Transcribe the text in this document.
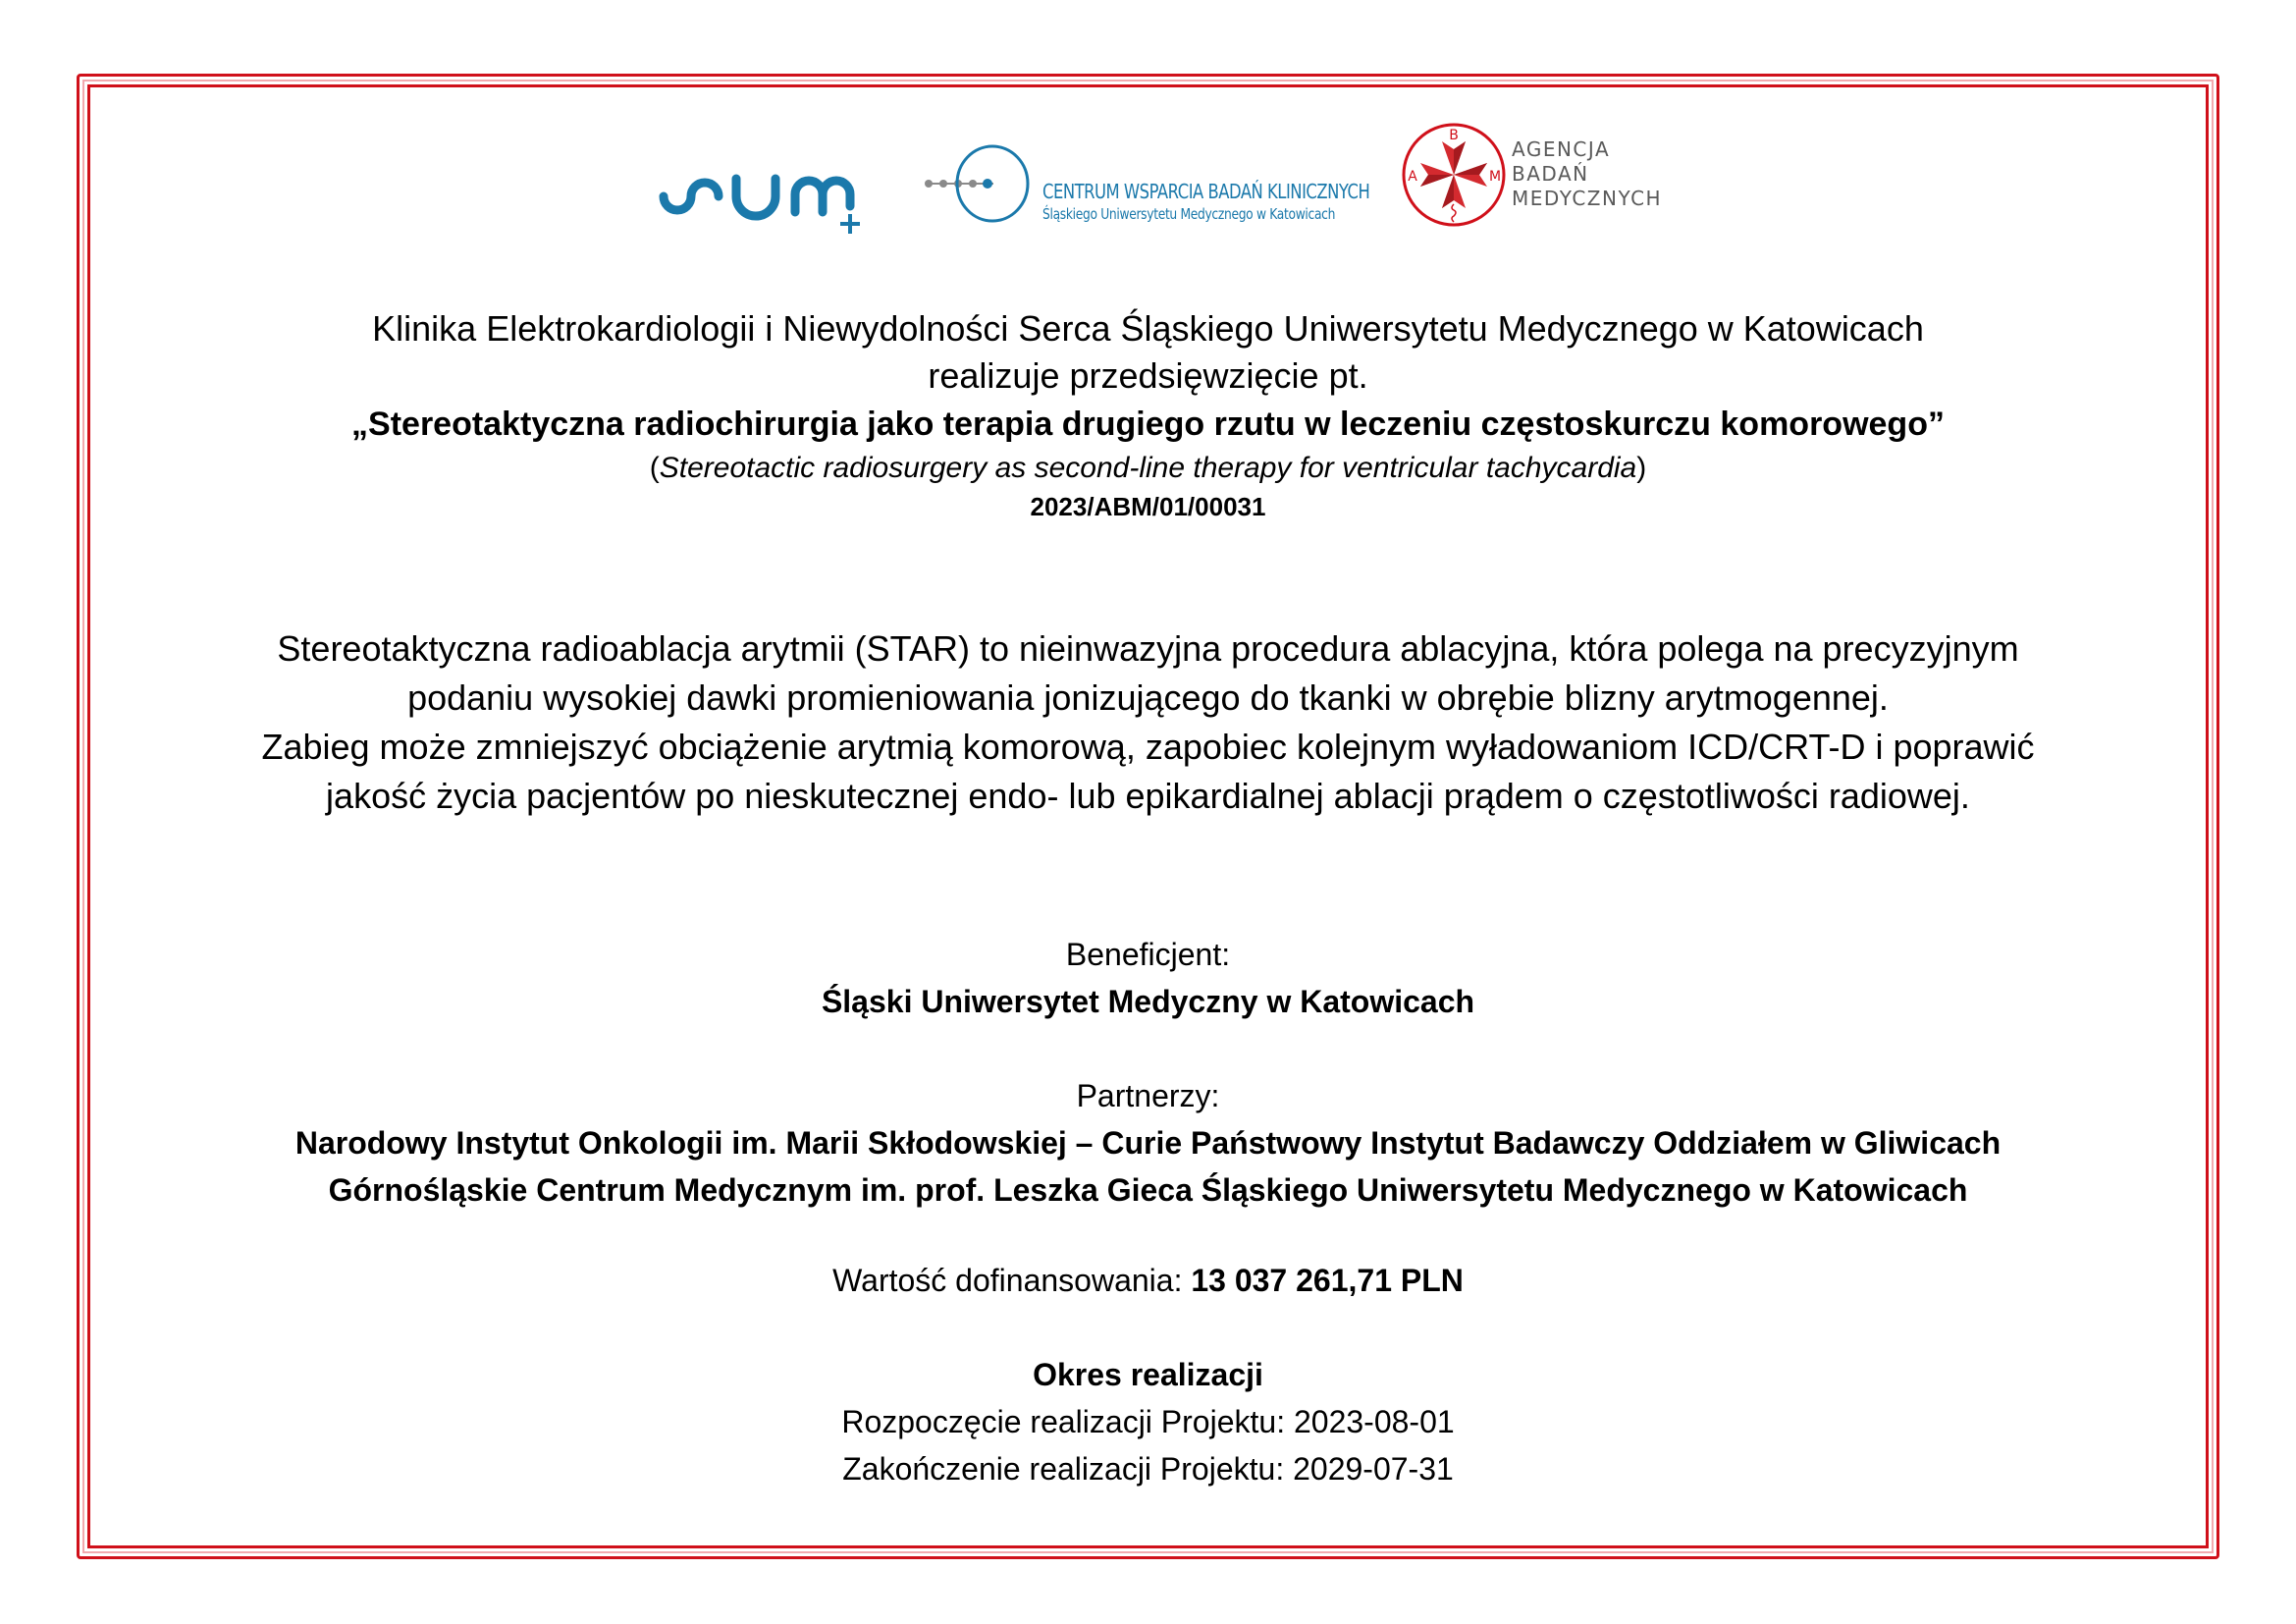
CENTRUM WSPARCIA BADAŃ KLINICZNYCH
Śląskiego Uniwersytetu Medycznego w Katowicach
B
A	M
AGENCJA
BADAŃ
MEDYCZNYCH
Klinika Elektrokardiologii i Niewydolności Serca Śląskiego Uniwersytetu Medycznego w Katowicach
realizuje przedsięwzięcie pt.
„Stereotaktyczna radiochirurgia jako terapia drugiego rzutu w leczeniu częstoskurczu komorowego”
(Stereotactic radiosurgery as second-line therapy for ventricular tachycardia)
2023/ABM/01/00031
Stereotaktyczna radioablacja arytmii (STAR) to nieinwazyjna procedura ablacyjna, która polega na precyzyjnym
podaniu wysokiej dawki promieniowania jonizującego do tkanki w obrębie blizny arytmogennej.
Zabieg może zmniejszyć obciążenie arytmią komorową, zapobiec kolejnym wyładowaniom ICD/CRT-D i poprawić
jakość życia pacjentów po nieskutecznej endo- lub epikardialnej ablacji prądem o częstotliwości radiowej.
Beneficjent:
Śląski Uniwersytet Medyczny w Katowicach
Partnerzy:
Narodowy Instytut Onkologii im. Marii Skłodowskiej – Curie Państwowy Instytut Badawczy Oddziałem w Gliwicach
Górnośląskie Centrum Medycznym im. prof. Leszka Gieca Śląskiego Uniwersytetu Medycznego w Katowicach
Wartość dofinansowania: 13 037 261,71 PLN
Okres realizacji
Rozpoczęcie realizacji Projektu: 2023-08-01
Zakończenie realizacji Projektu: 2029-07-31
